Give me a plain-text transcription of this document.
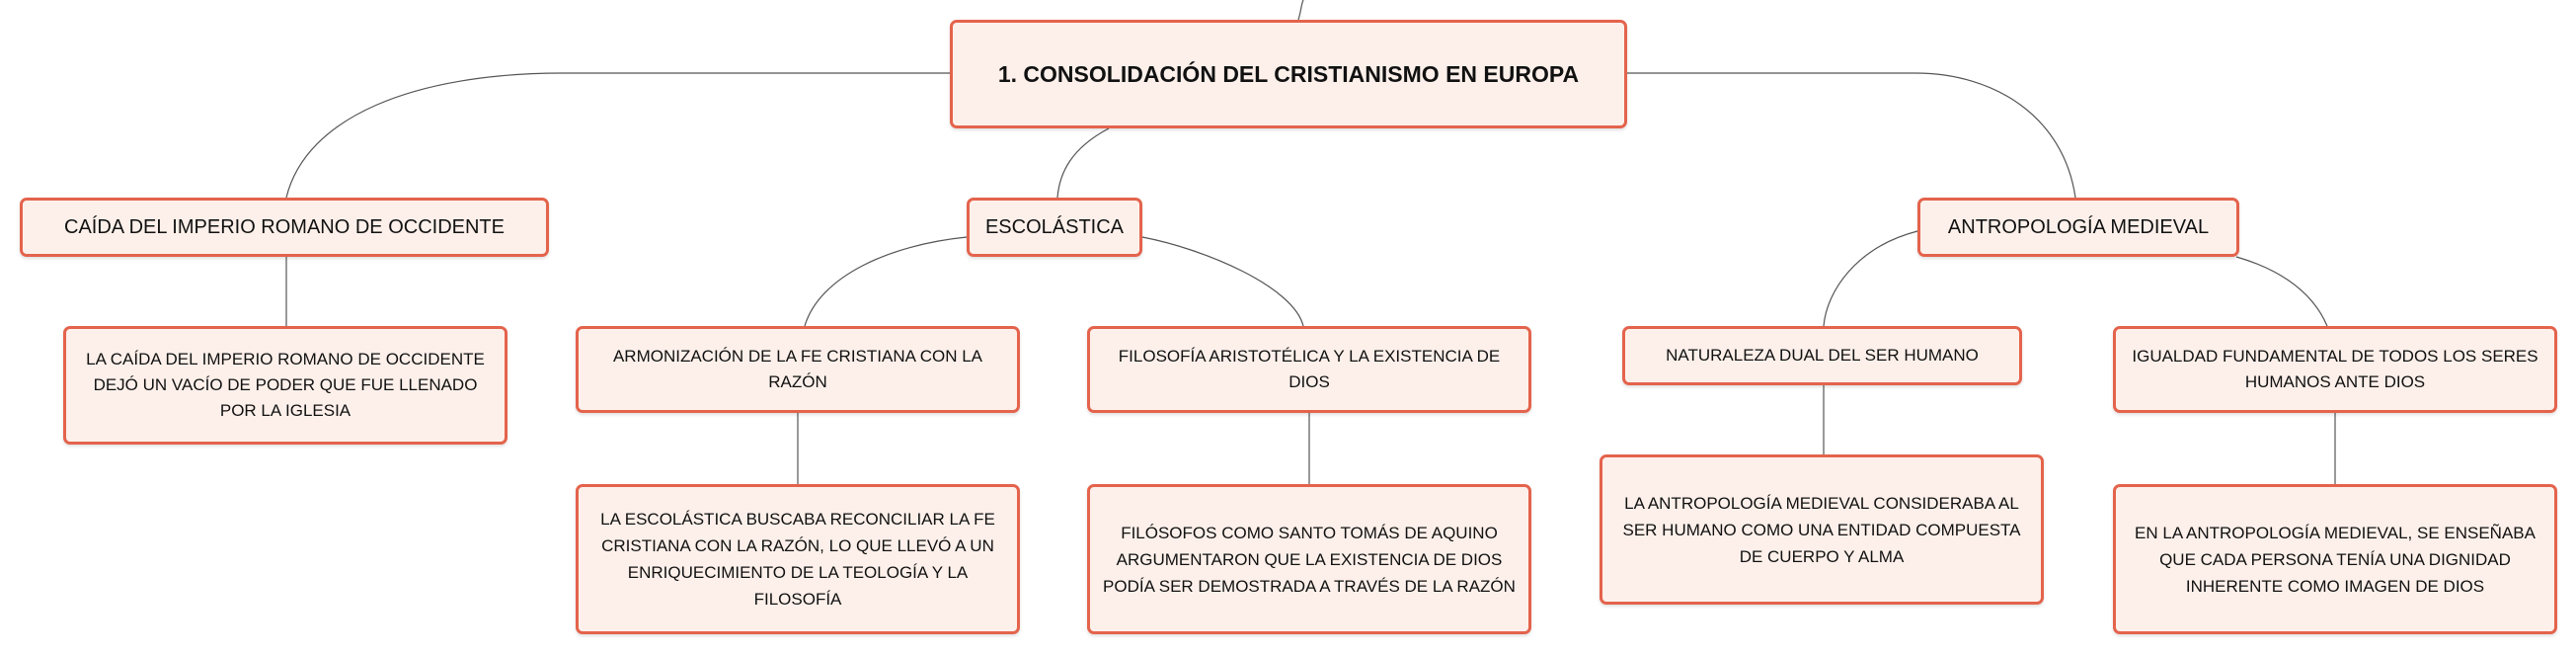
1. CONSOLIDACIÓN DEL CRISTIANISMO EN EUROPA
CAÍDA DEL IMPERIO ROMANO DE OCCIDENTE	ESCOLÁSTICA	ANTROPOLOGÍA MEDIEVAL
LA CAÍDA DEL IMPERIO ROMANO DE OCCIDENTE DEJÓ UN VACÍO DE PODER QUE FUE LLENADO POR LA IGLESIA
ARMONIZACIÓN DE LA FE CRISTIANA CON LA RAZÓN
FILOSOFÍA ARISTOTÉLICA Y LA EXISTENCIA DE DIOS
NATURALEZA DUAL DEL SER HUMANO	IGUALDAD FUNDAMENTAL DE TODOS LOS SERES HUMANOS ANTE DIOS
LA ESCOLÁSTICA BUSCABA RECONCILIAR LA FE CRISTIANA CON LA RAZÓN, LO QUE LLEVÓ A UN ENRIQUECIMIENTO DE LA TEOLOGÍA Y LA FILOSOFÍA
FILÓSOFOS COMO SANTO TOMÁS DE AQUINO ARGUMENTARON QUE LA EXISTENCIA DE DIOS PODÍA SER DEMOSTRADA A TRAVÉS DE LA RAZÓN
LA ANTROPOLOGÍA MEDIEVAL CONSIDERABA AL SER HUMANO COMO UNA ENTIDAD COMPUESTA DE CUERPO Y ALMA
EN LA ANTROPOLOGÍA MEDIEVAL, SE ENSEÑABA QUE CADA PERSONA TENÍA UNA DIGNIDAD INHERENTE COMO IMAGEN DE DIOS
